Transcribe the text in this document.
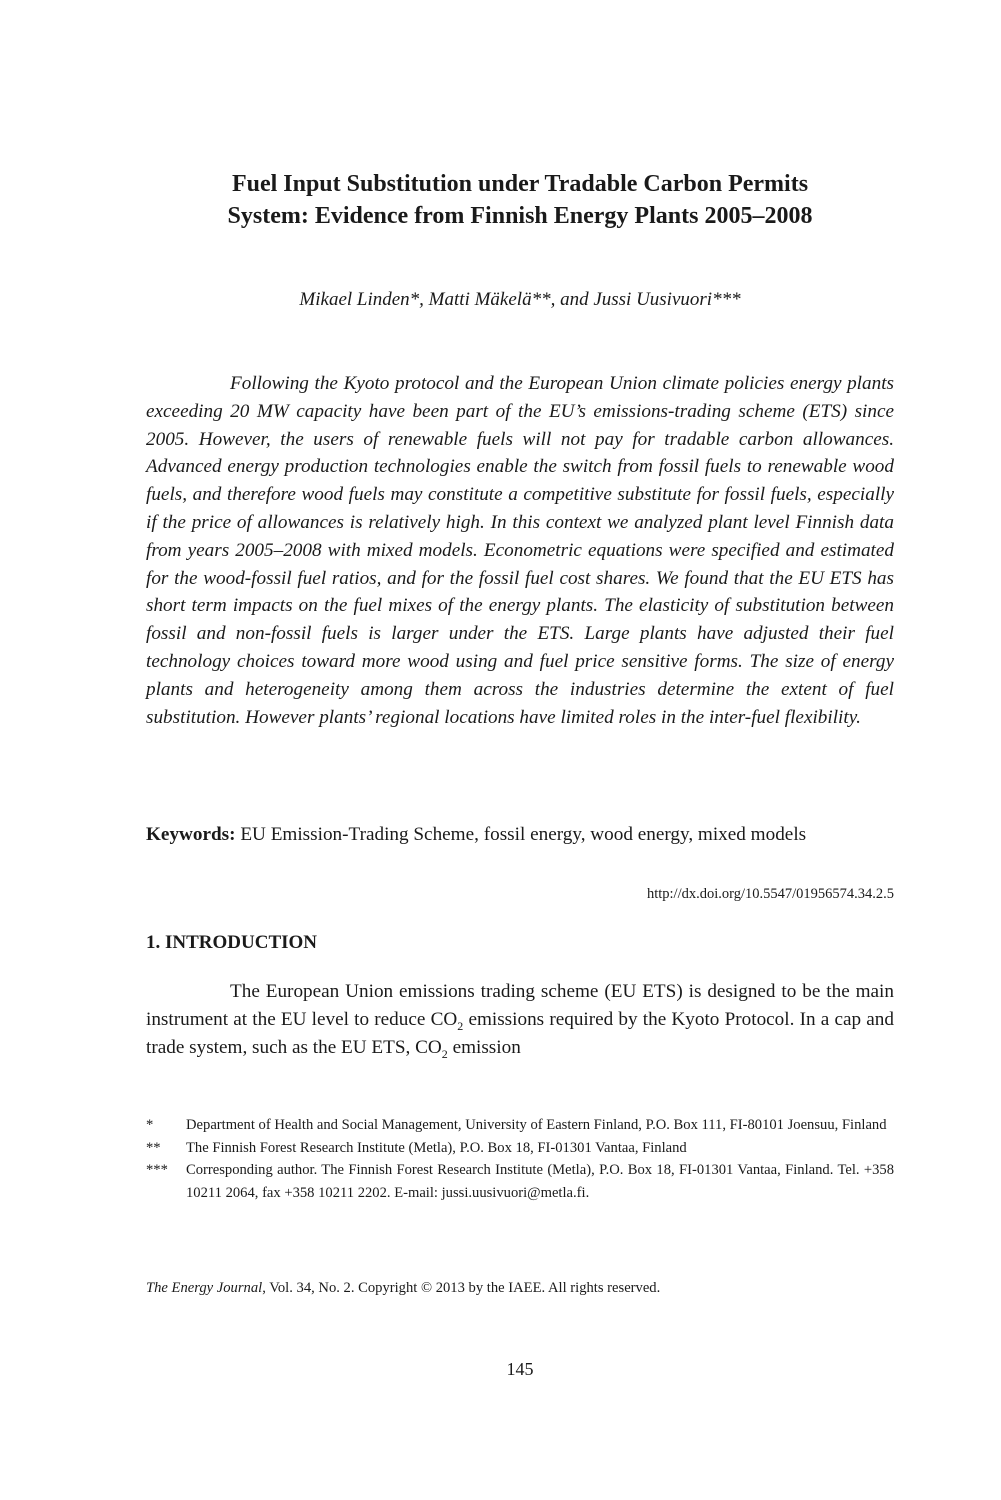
Fuel Input Substitution under Tradable Carbon Permits
System: Evidence from Finnish Energy Plants 2005–2008

Mikael Linden*, Matti Mäkelä**, and Jussi Uusivuori***

Following the Kyoto protocol and the European Union climate policies energy plants exceeding 20 MW capacity have been part of the EU’s emissions-trading scheme (ETS) since 2005. However, the users of renewable fuels will not pay for tradable carbon allowances. Advanced energy production technologies enable the switch from fossil fuels to renewable wood fuels, and therefore wood fuels may constitute a competitive substitute for fossil fuels, especially if the price of allowances is relatively high. In this context we analyzed plant level Finnish data from years 2005–2008 with mixed models. Econometric equations were specified and estimated for the wood-fossil fuel ratios, and for the fossil fuel cost shares. We found that the EU ETS has short term impacts on the fuel mixes of the energy plants. The elasticity of substitution between fossil and non-fossil fuels is larger under the ETS. Large plants have adjusted their fuel technology choices toward more wood using and fuel price sensitive forms. The size of energy plants and heterogeneity among them across the industries determine the extent of fuel substitution. However plants’ regional locations have limited roles in the inter-fuel flexibility.

Keywords: EU Emission-Trading Scheme, fossil energy, wood energy, mixed models

http://dx.doi.org/10.5547/01956574.34.2.5

1. INTRODUCTION

The European Union emissions trading scheme (EU ETS) is designed to be the main instrument at the EU level to reduce $CO_2$ emissions required by the Kyoto Protocol. In a cap and trade system, such as the EU ETS, $CO_2$ emission

*	Department of Health and Social Management, University of Eastern Finland, P.O. Box 111, FI-80101 Joensuu, Finland
**	The Finnish Forest Research Institute (Metla), P.O. Box 18, FI-01301 Vantaa, Finland
***	Corresponding author. The Finnish Forest Research Institute (Metla), P.O. Box 18, FI-01301 Vantaa, Finland. Tel. +358 10211 2064, fax +358 10211 2202. E-mail: jussi.uusivuori@metla.fi.

The Energy Journal, Vol. 34, No. 2. Copyright © 2013 by the IAEE. All rights reserved.

145
